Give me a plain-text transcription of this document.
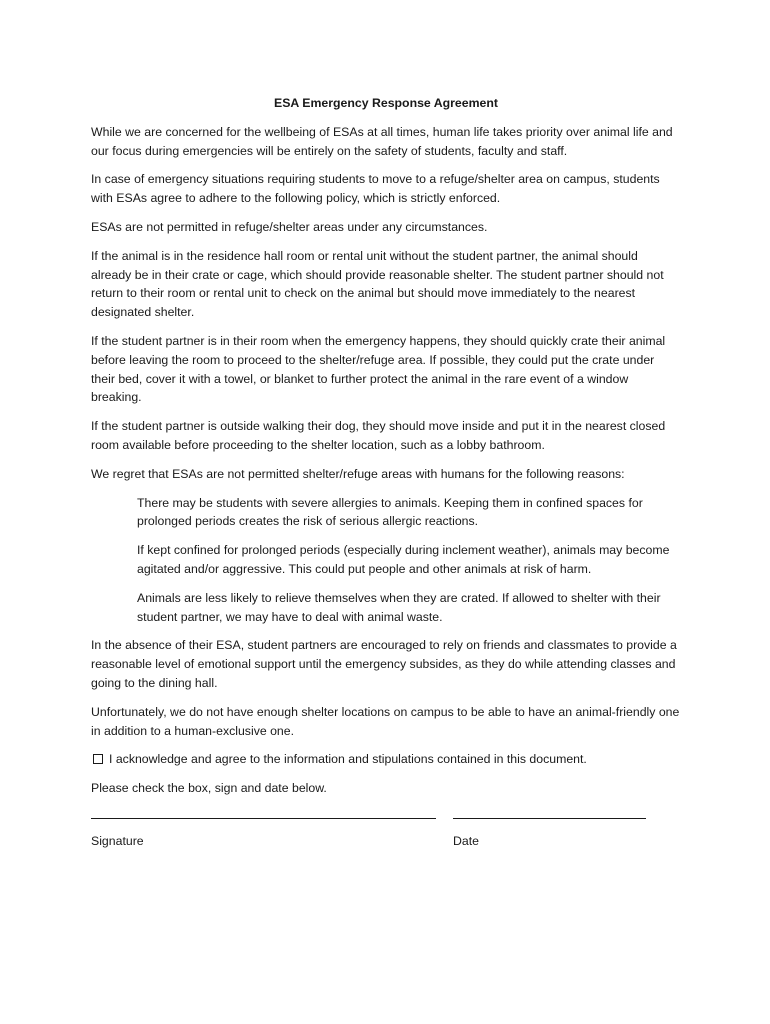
ESA Emergency Response Agreement

While we are concerned for the wellbeing of ESAs at all times, human life takes priority over animal life and our focus during emergencies will be entirely on the safety of students, faculty and staff.

In case of emergency situations requiring students to move to a refuge/shelter area on campus, students with ESAs agree to adhere to the following policy, which is strictly enforced.

ESAs are not permitted in refuge/shelter areas under any circumstances.

If the animal is in the residence hall room or rental unit without the student partner, the animal should already be in their crate or cage, which should provide reasonable shelter. The student partner should not return to their room or rental unit to check on the animal but should move immediately to the nearest designated shelter.

If the student partner is in their room when the emergency happens, they should quickly crate their animal before leaving the room to proceed to the shelter/refuge area. If possible, they could put the crate under their bed, cover it with a towel, or blanket to further protect the animal in the rare event of a window breaking.

If the student partner is outside walking their dog, they should move inside and put it in the nearest closed room available before proceeding to the shelter location, such as a lobby bathroom.

We regret that ESAs are not permitted shelter/refuge areas with humans for the following reasons:

There may be students with severe allergies to animals. Keeping them in confined spaces for prolonged periods creates the risk of serious allergic reactions.

If kept confined for prolonged periods (especially during inclement weather), animals may become agitated and/or aggressive. This could put people and other animals at risk of harm.

Animals are less likely to relieve themselves when they are crated. If allowed to shelter with their student partner, we may have to deal with animal waste.

In the absence of their ESA, student partners are encouraged to rely on friends and classmates to provide a reasonable level of emotional support until the emergency subsides, as they do while attending classes and going to the dining hall.

Unfortunately, we do not have enough shelter locations on campus to be able to have an animal-friendly one in addition to a human-exclusive one.

I acknowledge and agree to the information and stipulations contained in this document.

Please check the box, sign and date below.

Signature	Date
